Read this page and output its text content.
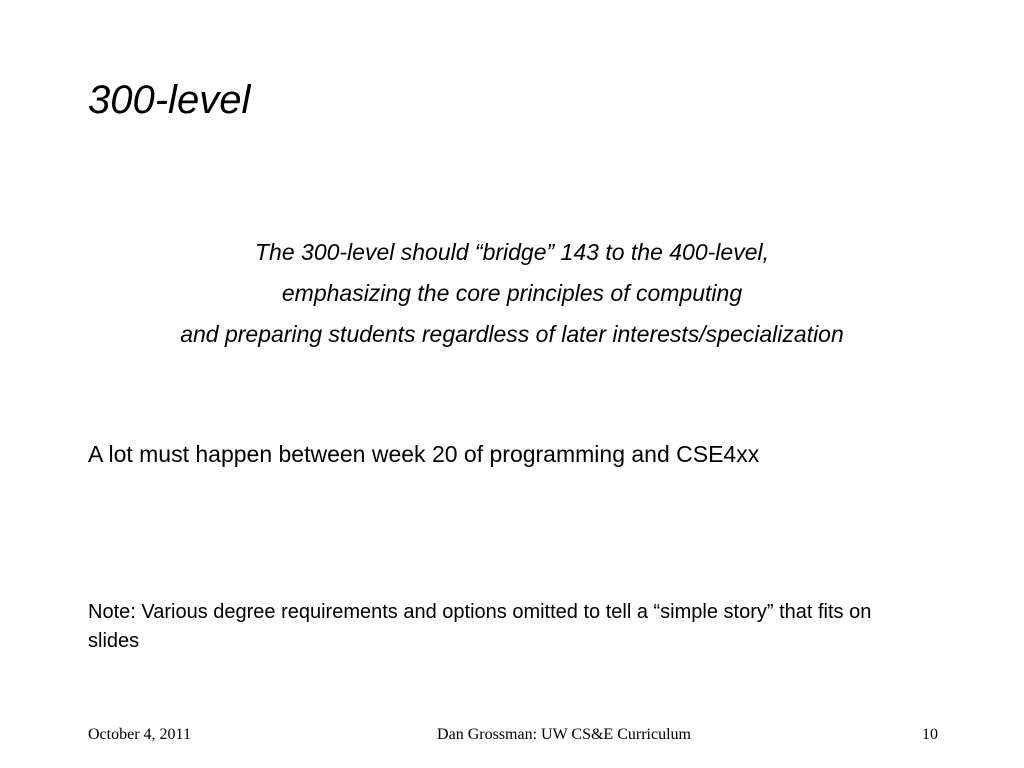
300-level
The 300-level should “bridge” 143 to the 400-level,
emphasizing the core principles of computing
and preparing students regardless of later interests/specialization

A lot must happen between week 20 of programming and CSE4xx

Note: Various degree requirements and options omitted to tell a “simple story” that fits on slides

October 4, 2011	Dan Grossman: UW CS&E Curriculum	10
